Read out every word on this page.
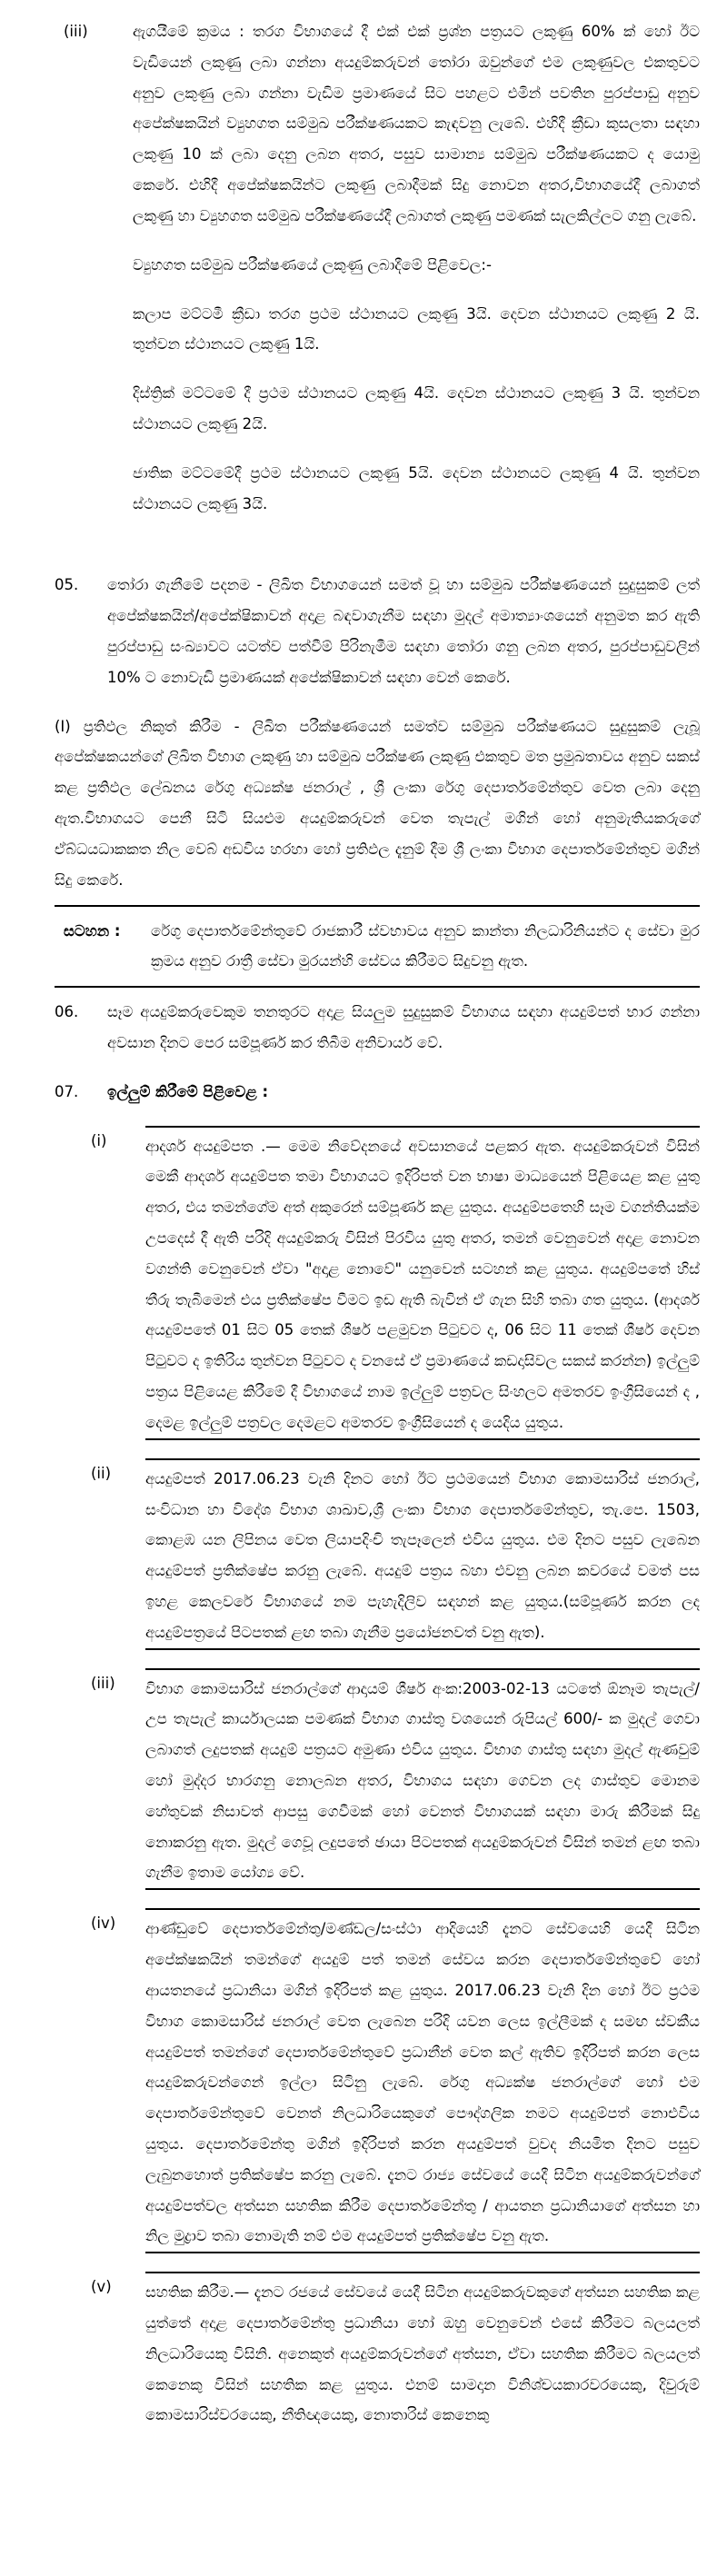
(iii)	ඇගයීමේ ක්‍රමය : තරග විභාගයේ දී එක් එක් ප්‍රශ්න පත්‍රයට ලකුණු 60% ක් හෝ ඊට වැඩියෙන් ලකුණු ලබා ගන්නා අයදුම්කරුවන් තෝරා ඔවුන්ගේ එම ලකුණුවල එකතුවට අනුව ලකුණු ලබා ගන්නා වැඩිම ප්‍රමාණයේ සිට පහළට එමින් පවතින පුරප්පාඩු අනුව අපේක්ෂකයින් ව්‍යුහගත සම්මුඛ පරීක්ෂණයකට කැඳවනු ලැබේ. එහිදී ක්‍රීඩා කුසලතා සඳහා ලකුණු 10 ක් ලබා දෙනු ලබන අතර, පසුව සාමාන්‍ය සම්මුඛ පරීක්ෂණයකට ද යොමු කෙරේ. එහිදී අපේක්ෂකයින්ට ලකුණු ලබාදීමක් සිදු නොවන අතර,විභාගයේදී ලබාගත් ලකුණු හා ව්‍යුහගත සම්මුඛ පරීක්ෂණයේදී ලබාගත් ලකුණු පමණක් සැලකිල්ලට ගනු ලැබේ.

ව්‍යුහගත සම්මුඛ පරීක්ෂණයේ ලකුණු ලබාදීමේ පිළිවෙල:-

කලාප මට්ටමී ක්‍රීඩා තරග ප්‍රථම ස්ථානයට ලකුණු 3යි. දෙවන ස්ථානයට ලකුණු 2 යි. තුන්වන ස්ථානයට ලකුණු 1යි.

දිස්ත්‍රික් මට්ටමේ දී ප්‍රථම ස්ථානයට ලකුණු 4යි. දෙවන ස්ථානයට ලකුණු 3 යි. තුන්වන ස්ථානයට ලකුණු 2යි.

ජාතික මට්ටමේදී ප්‍රථම ස්ථානයට ලකුණු 5යි. දෙවන ස්ථානයට ලකුණු 4 යි. තුන්වන ස්ථානයට ලකුණු 3යි.

05.	තෝරා ගැනීමේ පදනම - ලිඛිත විභාගයෙන් සමත් වූ හා සම්මුඛ පරීක්ෂණයෙන් සුදුසුකම් ලත් අපේක්ෂකයින්/අපේක්ෂිකාවන් අදාළ බඳවාගැනීම සඳහා මුදල් අමාත්‍යාංශයෙන් අනුමත කර ඇති පුරප්පාඩු සංඛ්‍යාවට යටත්ව පත්වීම් පිරිනැමීම සඳහා තෝරා ගනු ලබන අතර, පුරප්පාඩුවලින් 10% ට නොවැඩි ප්‍රමාණයක් අපේක්ෂිකාවන් සඳහා වෙන් කෙරේ.

(I) ප්‍රතිඵල නිකුත් කිරීම - ලිඛිත පරීක්ෂණයෙන් සමත්ව සම්මුඛ පරීක්ෂණයට සුදුසුකම් ලැබූ අපේක්ෂකයන්ගේ ලිඛිත විභාග ලකුණු හා සම්මුඛ පරීක්ෂණ ලකුණු එකතුව මත ප්‍රමුඛතාවය අනුව සකස් කළ ප්‍රතිඵල ලේඛනය රේගු අධ්‍යක්ෂ ජනරාල් , ශ්‍රී ලංකා රේගු දෙපාර්තමේන්තුව වෙත ලබා දෙනු ඇත.විභාගයට පෙනී සිටි සියළුම අයදුම්කරුවන් වෙත තැපැල් මගින් හෝ අනුමැතියකරුගේ ඒබ්ධයධාකකත නිල වෙබ් අඩවිය හරහා හෝ ප්‍රතිඵල දැනුම් දීම ශ්‍රී ලංකා විභාග දෙපාර්තමේන්තුව මගින් සිදු කෙරේ.

සටහන :	රේගු දෙපාර්තමේන්තුවේ රාජකාරී ස්වභාවය අනුව කාන්තා නිලධාරිනියන්ට ද සේවා මුර ක්‍රමය අනුව රාත්‍රී සේවා මුරයන්හි සේවය කිරීමට සිදුවනු ඇත.
06.	සෑම අයදුම්කරුවෙකුම තනතුරට අදාළ සියලුම සුදුසුකම් විභාගය සඳහා අයදුම්පත් භාර ගන්නා අවසාන දිනට පෙර සම්පූර්ණ කර තිබීම අනිවාර්ය වේ.
07.	ඉල්ලුම් කිරීමේ පිළිවෙළ :
(i)	ආදර්ශ අයදුම්පත .— මෙම නිවේදනයේ අවසානයේ පළකර ඇත. අයදුම්කරුවන් විසින් මෙකී ආදර්ශ අයදුම්පත තමා විභාගයට ඉදිරිපත් වන භාෂා මාධ්‍යයෙන් පිළියෙළ කළ යුතු අතර, එය තමන්ගේම අත් අකුරෙන් සම්පූර්ණ කළ යුතුය. අයදුම්පතෙහි සෑම වගන්තියක්ම උපදෙස් දී ඇති පරිදි අයදුම්කරු විසින් පිරවිය යුතු අතර, තමන් වෙනුවෙන් අදාළ නොවන වගන්ති වෙනුවෙන් ඒවා "අදාළ නොවේ" යනුවෙන් සටහන් කළ යුතුය. අයදුම්පතේ හිස් තීරු තැබීමෙන් එය ප්‍රතික්ෂේප වීමට ඉඩ ඇති බැවින් ඒ ගැන සිහි තබා ගත යුතුය. (ආදර්ශ අයදුම්පතේ 01 සිට 05 තෙක් ශීර්ෂ පළමුවන පිටුවට ද, 06 සිට 11 තෙක් ශීර්ෂ දෙවන පිටුවට ද ඉතිරිය තුන්වන පිටුවට ද වනසේ ඒ ප්‍රමාණයේ කඩදාසිවල සකස් කරන්න) ඉල්ලුම් පත්‍රය පිළියෙළ කිරීමේ දී විභාගයේ නාම ඉල්ලුම් පත්‍රවල සිංහලට අමතරව ඉංග්‍රීසියෙන් ද , දෙමළ ඉල්ලුම් පත්‍රවල දෙමළට අමතරව ඉංග්‍රීසියෙන් ද යෙදිය යුතුය.
(ii)	අයදුම්පත් 2017.06.23 වැනි දිනට හෝ ඊට ප්‍රථමයෙන් විභාග කොමසාරිස් ජනරාල්, සංවිධාන හා විදේශ විභාග ශාඛාව,ශ්‍රී ලංකා විභාග දෙපාර්තමේන්තුව, තැ.පෙ. 1503, කොළඹ යන ලිපිනය වෙත ලියාපදිංචි තැපෑලෙන් එවිය යුතුය. එම දිනට පසුව ලැබෙන අයදුම්පත් ප්‍රතික්ෂේප කරනු ලැබේ. අයදුම් පත්‍රය බහා එවනු ලබන කවරයේ වමත් පස ඉහළ කෙලවරේ විභාගයේ නම පැහැදිලිව සඳහන් කළ යුතුය.(සම්පූර්ණ කරන ලද අයදුම්පත්‍රයේ පිටපතක් ළඟ තබා ගැනීම ප්‍රයෝජනවත් වනු ඇත).
(iii)	විභාග කොමසාරිස් ජනරාල්ගේ ආදායම් ශීර්ෂ අංක:2003-02-13 යටතේ ඕනෑම තැපැල්/ උප තැපැල් කාර්යාලයක පමණක් විභාග ගාස්තු වශයෙන් රුපියල් 600/- ක මුදල් ගෙවා ලබාගත් ලදුපතක් අයදුම් පත්‍රයට අමුණා එවිය යුතුය. විභාග ගාස්තු සඳහා මුදල් ඇණවුම් හෝ මුද්දර භාරගනු නොලබන අතර, විභාගය සඳහා ගෙවන ලද ගාස්තුව මොනම හේතුවක් නිසාවත් ආපසු ගෙවීමක් හෝ වෙනත් විභාගයක් සඳහා මාරු කිරීමක් සිදු නොකරනු ඇත. මුදල් ගෙවූ ලදුපතේ ඡායා පිටපතක් අයදුම්කරුවන් විසින් තමන් ළඟ තබා ගැනීම ඉතාම යෝග්‍ය වේ.
(iv)	ආණ්ඩුවේ දෙපාර්තමේන්තු/මණ්ඩල/සංස්ථා ආදියෙහි දැනට සේවයෙහි යෙදී සිටින අපේක්ෂකයින් තමන්ගේ අයදුම් පත් තමන් සේවය කරන දෙපාර්තමේන්තුවේ හෝ ආයතනයේ ප්‍රධානියා මගින් ඉදිරිපත් කළ යුතුය. 2017.06.23 වැනි දින හෝ ඊට ප්‍රථම විභාග කොමසාරිස් ජනරාල් වෙත ලැබෙන පරිදි යවන ලෙස ඉල්ලීමක් ද සමඟ ස්වකීය අයදුම්පත් තමන්ගේ දෙපාර්තමේන්තුවේ ප්‍රධානීන් වෙත කල් ඇතිව ඉදිරිපත් කරන ලෙස අයදුම්කරුවන්ගෙන් ඉල්ලා සිටිනු ලැබේ. රේගු අධ්‍යක්ෂ ජනරාල්ගේ හෝ එම දෙපාර්තමේන්තුවේ වෙනත් නිලධාරියෙකුගේ පෞද්ගලික නමට අයදුම්පත් නොඑවිය යුතුය. දෙපාර්තමේන්තු මගින් ඉදිරිපත් කරන අයදුම්පත් වුවද නියමිත දිනට පසුව ලැබුනහොත් ප්‍රතික්ෂේප කරනු ලැබේ. දැනට රාජ්‍ය සේවයේ යෙදී සිටින අයදුම්කරුවන්ගේ අයදුම්පත්වල අත්සන සහතික කිරීම දෙපාර්තමේන්තු / ආයතන ප්‍රධානියාගේ අත්සන හා නිල මුද්‍රාව තබා නොමැති නම් එම අයදුම්පත් ප්‍රතික්ෂේප වනු ඇත.
(v)	සහතික කිරීම.— දැනට රජයේ සේවයේ යෙදී සිටින අයදුම්කරුවකුගේ අත්සන සහතික කළ යුත්තේ අදාළ දෙපාර්තමේන්තු ප්‍රධානියා හෝ ඔහු වෙනුවෙන් එසේ කිරීමට බලයලත් නිලධාරියෙකු විසිනි. අනෙකුත් අයදුම්කරුවන්ගේ අත්සන, ඒවා සහතික කිරීමට බලයලත් කෙනෙකු විසින් සහතික කළ යුතුය. එනම් සාමදාන විනිශ්චයකාරවරයෙකු, දිවුරුම් කොමසාරිස්වරයෙකු, නීතිඥයෙකු, නොතාරිස් කෙනෙකු
